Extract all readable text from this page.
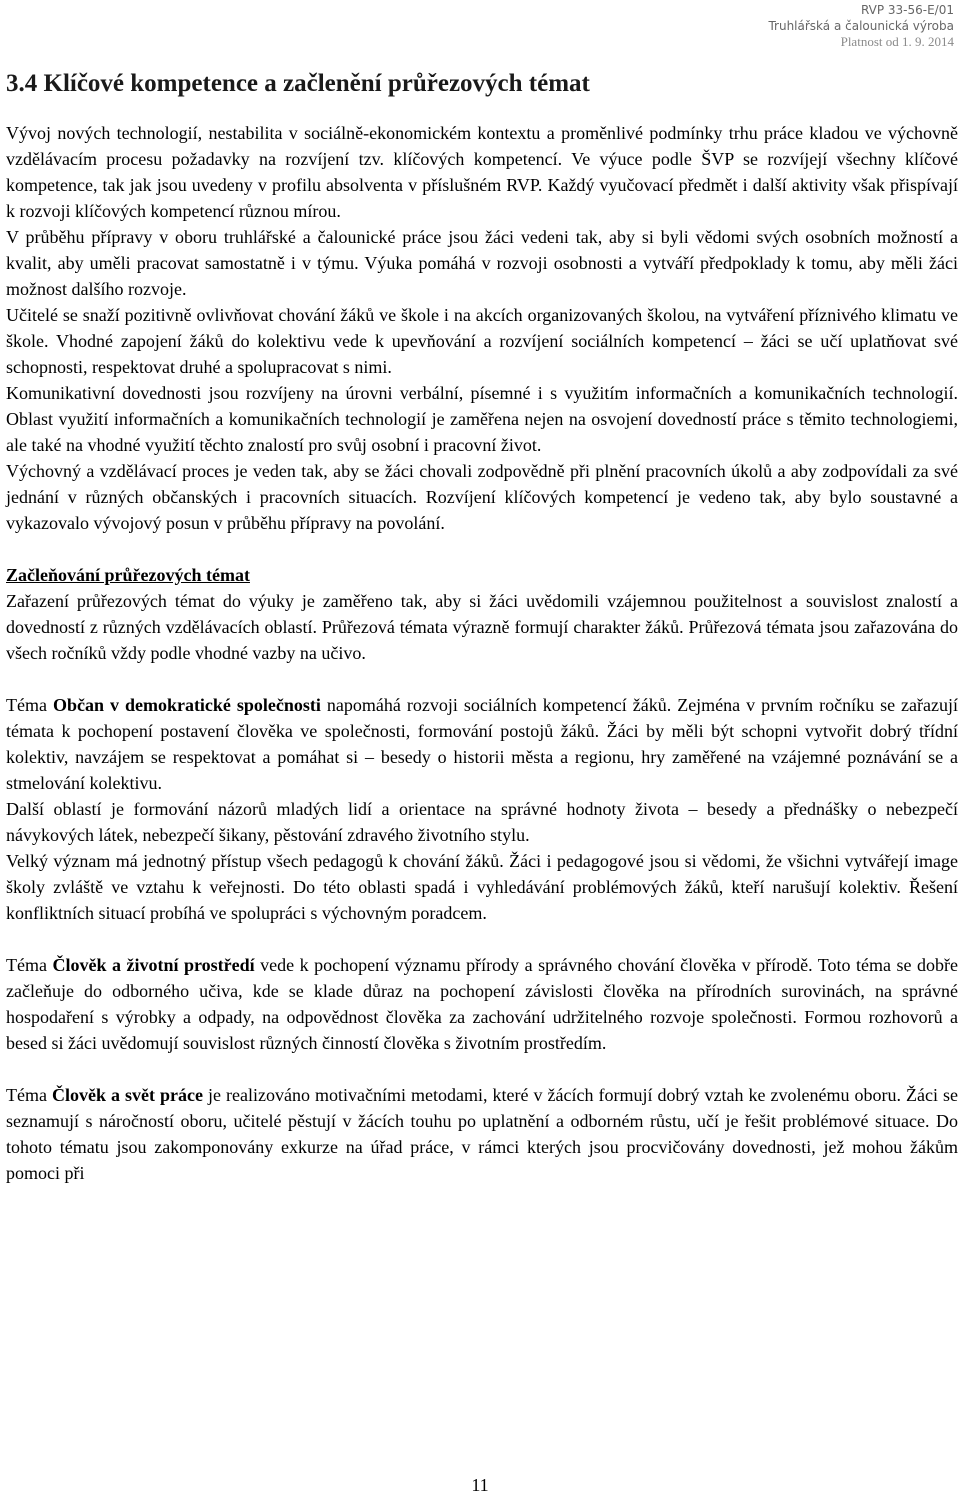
RVP 33-56-E/01
Truhlářská a čalounická výroba
Platnost od 1. 9. 2014
3.4 Klíčové kompetence a začlenění průřezových témat

Vývoj nových technologií, nestabilita v sociálně-ekonomickém kontextu a proměnlivé podmínky trhu práce kladou ve výchovně vzdělávacím procesu požadavky na rozvíjení tzv. klíčových kompetencí. Ve výuce podle ŠVP se rozvíjejí všechny klíčové kompetence, tak jak jsou uvedeny v profilu absolventa v příslušném RVP. Každý vyučovací předmět i další aktivity však přispívají k rozvoji klíčových kompetencí různou mírou.

V průběhu přípravy v oboru truhlářské a čalounické práce jsou žáci vedeni tak, aby si byli vědomi svých osobních možností a kvalit, aby uměli pracovat samostatně i v týmu. Výuka pomáhá v rozvoji osobnosti a vytváří předpoklady k tomu, aby měli žáci možnost dalšího rozvoje.

Učitelé se snaží pozitivně ovlivňovat chování žáků ve škole i na akcích organizovaných školou, na vytváření příznivého klimatu ve škole. Vhodné zapojení žáků do kolektivu vede k upevňování a rozvíjení sociálních kompetencí – žáci se učí uplatňovat své schopnosti, respektovat druhé a spolupracovat s nimi.

Komunikativní dovednosti jsou rozvíjeny na úrovni verbální, písemné i s využitím informačních a komunikačních technologií. Oblast využití informačních a komunikačních technologií je zaměřena nejen na osvojení dovedností práce s těmito technologiemi, ale také na vhodné využití těchto znalostí pro svůj osobní i pracovní život.

Výchovný a vzdělávací proces je veden tak, aby se žáci chovali zodpovědně při plnění pracovních úkolů a aby zodpovídali za své jednání v různých občanských i pracovních situacích. Rozvíjení klíčových kompetencí je vedeno tak, aby bylo soustavné a vykazovalo vývojový posun v průběhu přípravy na povolání.

Začleňování průřezových témat

Zařazení průřezových témat do výuky je zaměřeno tak, aby si žáci uvědomili vzájemnou použitelnost a souvislost znalostí a dovedností z různých vzdělávacích oblastí. Průřezová témata výrazně formují charakter žáků. Průřezová témata jsou zařazována do všech ročníků vždy podle vhodné vazby na učivo.

Téma Občan v demokratické společnosti napomáhá rozvoji sociálních kompetencí žáků. Zejména v prvním ročníku se zařazují témata k pochopení postavení člověka ve společnosti, formování postojů žáků. Žáci by měli být schopni vytvořit dobrý třídní kolektiv, navzájem se respektovat a pomáhat si – besedy o historii města a regionu, hry zaměřené na vzájemné poznávání se a stmelování kolektivu.

Další oblastí je formování názorů mladých lidí a orientace na správné hodnoty života – besedy a přednášky o nebezpečí návykových látek, nebezpečí šikany, pěstování zdravého životního stylu.

Velký význam má jednotný přístup všech pedagogů k chování žáků. Žáci i pedagogové jsou si vědomi, že všichni vytvářejí image školy zvláště ve vztahu k veřejnosti. Do této oblasti spadá i vyhledávání problémových žáků, kteří narušují kolektiv. Řešení konfliktních situací probíhá ve spolupráci s výchovným poradcem.

Téma Člověk a životní prostředí vede k pochopení významu přírody a správného chování člověka v přírodě. Toto téma se dobře začleňuje do odborného učiva, kde se klade důraz na pochopení závislosti člověka na přírodních surovinách, na správné hospodaření s výrobky a odpady, na odpovědnost člověka za zachování udržitelného rozvoje společnosti. Formou rozhovorů a besed si žáci uvědomují souvislost různých činností člověka s životním prostředím.

Téma Člověk a svět práce je realizováno motivačními metodami, které v žácích formují dobrý vztah ke zvolenému oboru. Žáci se seznamují s náročností oboru, učitelé pěstují v žácích touhu po uplatnění a odborném růstu, učí je řešit problémové situace. Do tohoto tématu jsou zakomponovány exkurze na úřad práce, v rámci kterých jsou procvičovány dovednosti, jež mohou žákům pomoci při

11
